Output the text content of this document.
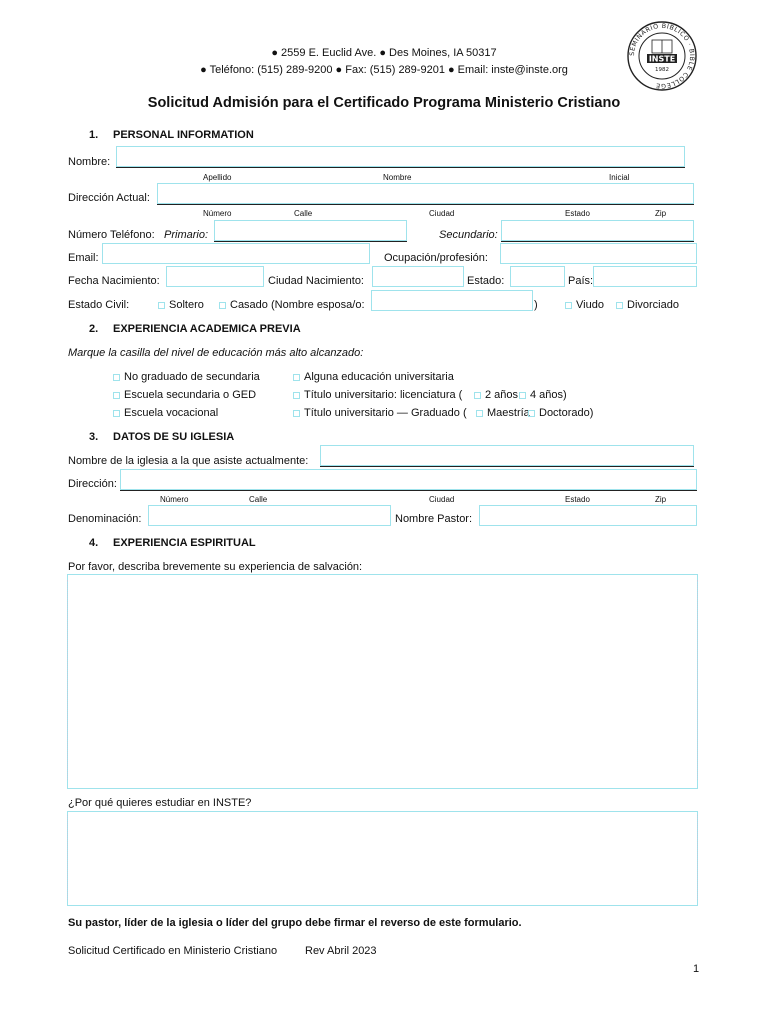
SEMINARIO BÍBLICO · BIBLE COLLEGE
INSTE
1982
● 2559 E. Euclid Ave. ● Des Moines, IA 50317
● Teléfono: (515) 289-9200 ● Fax: (515) 289-9201 ● Email: inste@inste.org
Solicitud Admisión para el Certificado Programa Ministerio Cristiano
1. PERSONAL INFORMATION
Nombre:
Apellido	Nombre	Inicial
Dirección Actual:
Número	Calle	Ciudad	Estado	Zip
Número Teléfono: Primario:	Secundario:
Email:	Ocupación/profesión:
Fecha Nacimiento:	Ciudad Nacimiento:	Estado:	País:
Estado Civil:	Soltero	Casado (Nombre esposa/o:	)	Viudo	Divorciado
2. EXPERIENCIA ACADEMICA PREVIA
Marque la casilla del nivel de educación más alto alcanzado:
No graduado de secundaria
Escuela secundaria o GED
Escuela vocacional
Alguna educación universitaria
Título universitario: licenciatura (	2 años	4 años)
Título universitario — Graduado (	Maestría Doctorado)
3. DATOS DE SU IGLESIA
Nombre de la iglesia a la que asiste actualmente:
Dirección:
Número	Calle	Ciudad	Estado	Zip
Denominación:	Nombre Pastor:
4. EXPERIENCIA ESPIRITUAL
Por favor, describa brevemente su experiencia de salvación:
¿Por qué quieres estudiar en INSTE?
Su pastor, líder de la iglesia o líder del grupo debe firmar el reverso de este formulario.
Solicitud Certificado en Ministerio Cristiano	Rev Abril 2023
1
